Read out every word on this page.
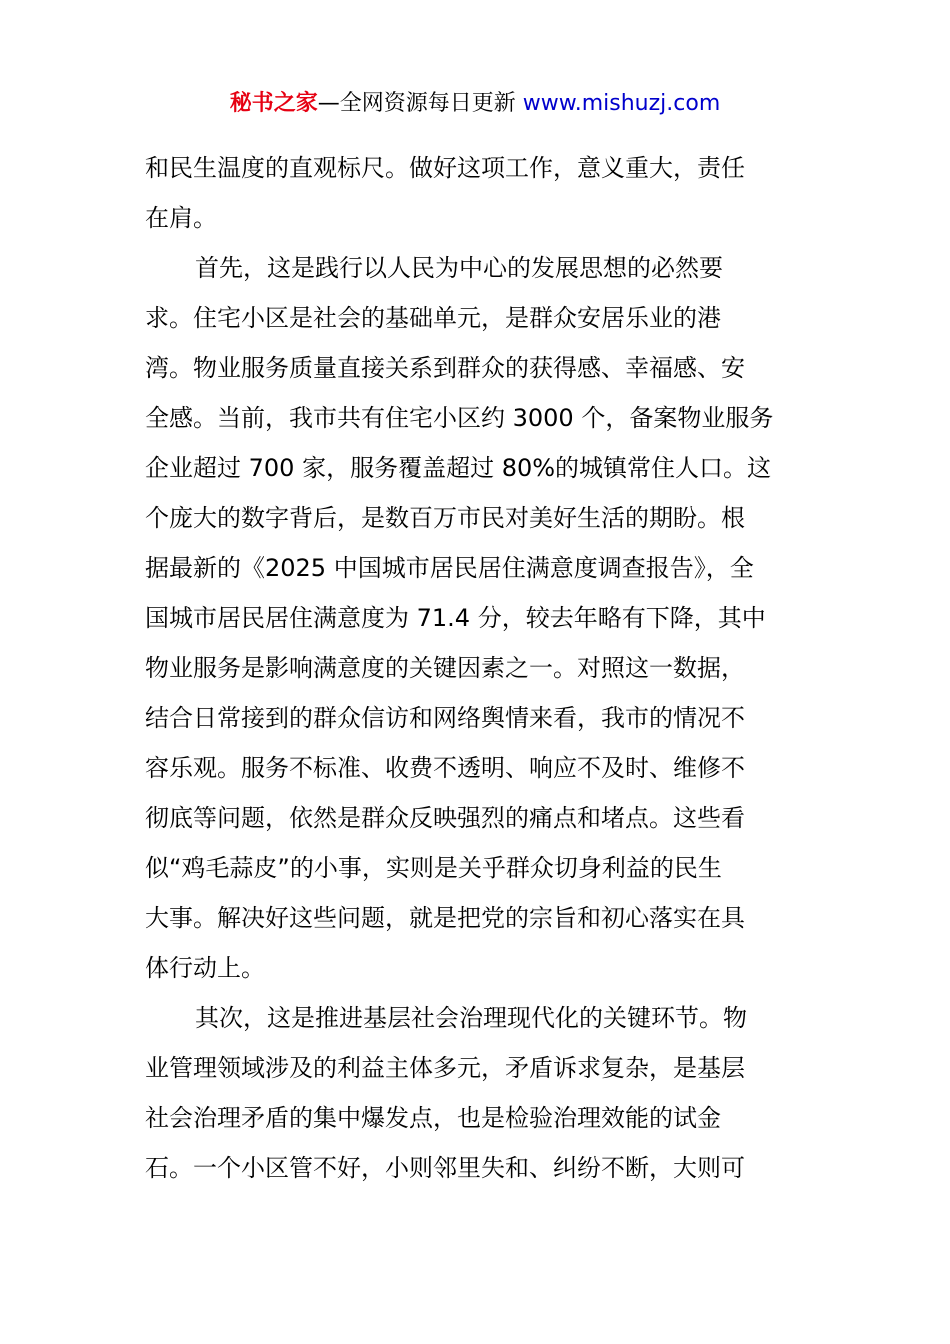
秘书之家—全网资源每日更新 www.mishuzj.com
和民生温度的直观标尺。做好这项工作，意义重大，责任
在肩。
首先，这是践行以人民为中心的发展思想的必然要
求。住宅小区是社会的基础单元，是群众安居乐业的港
湾。物业服务质量直接关系到群众的获得感、幸福感、安
全感。当前，我市共有住宅小区约 3000 个，备案物业服务
企业超过 700 家，服务覆盖超过 80%的城镇常住人口。这
个庞大的数字背后，是数百万市民对美好生活的期盼。根
据最新的《2025 中国城市居民居住满意度调查报告》，全
国城市居民居住满意度为 71.4 分，较去年略有下降，其中
物业服务是影响满意度的关键因素之一。对照这一数据，
结合日常接到的群众信访和网络舆情来看，我市的情况不
容乐观。服务不标准、收费不透明、响应不及时、维修不
彻底等问题，依然是群众反映强烈的痛点和堵点。这些看
似“鸡毛蒜皮”的小事，实则是关乎群众切身利益的民生
大事。解决好这些问题，就是把党的宗旨和初心落实在具
体行动上。
其次，这是推进基层社会治理现代化的关键环节。物
业管理领域涉及的利益主体多元，矛盾诉求复杂，是基层
社会治理矛盾的集中爆发点，也是检验治理效能的试金
石。一个小区管不好，小则邻里失和、纠纷不断，大则可
